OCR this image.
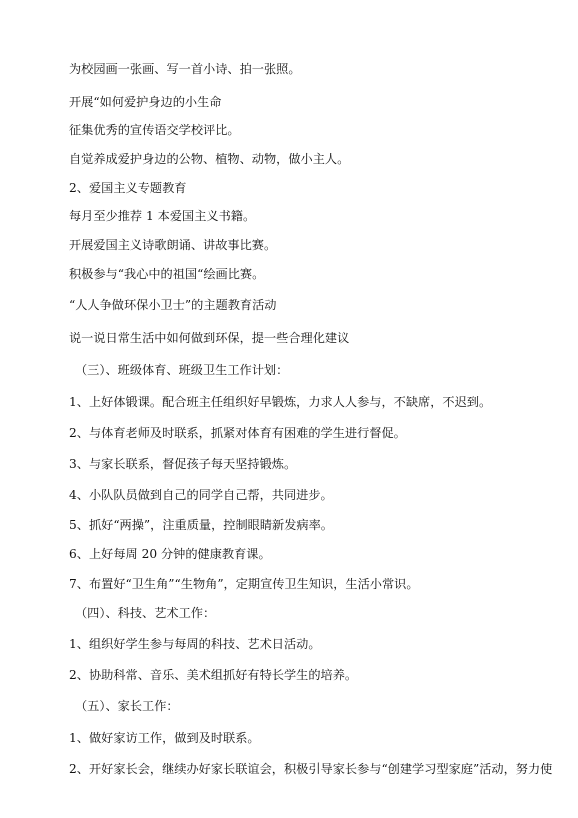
为校园画一张画、写一首小诗、拍一张照。

开展“如何爱护身边的小生命

征集优秀的宣传语交学校评比。

自觉养成爱护身边的公物、植物、动物，做小主人。

2、爱国主义专题教育

每月至少推荐 1 本爱国主义书籍。

开展爱国主义诗歌朗诵、讲故事比赛。

积极参与“我心中的祖国“绘画比赛。

“人人争做环保小卫士”的主题教育活动

说一说日常生活中如何做到环保，提一些合理化建议

（三）、班级体育、班级卫生工作计划：

1、上好体锻课。配合班主任组织好早锻炼，力求人人参与，不缺席，不迟到。

2、与体育老师及时联系，抓紧对体育有困难的学生进行督促。

3、与家长联系，督促孩子每天坚持锻炼。

4、小队队员做到自己的同学自己帮，共同进步。

5、抓好“两操”，注重质量，控制眼睛新发病率。

6、上好每周 20 分钟的健康教育课。

7、布置好“卫生角”“生物角”，定期宣传卫生知识，生活小常识。

（四）、科技、艺术工作：

1、组织好学生参与每周的科技、艺术日活动。

2、协助科常、音乐、美术组抓好有特长学生的培养。

（五）、家长工作：

1、做好家访工作，做到及时联系。

2、开好家长会，继续办好家长联谊会，积极引导家长参与“创建学习型家庭”活动，努力使
